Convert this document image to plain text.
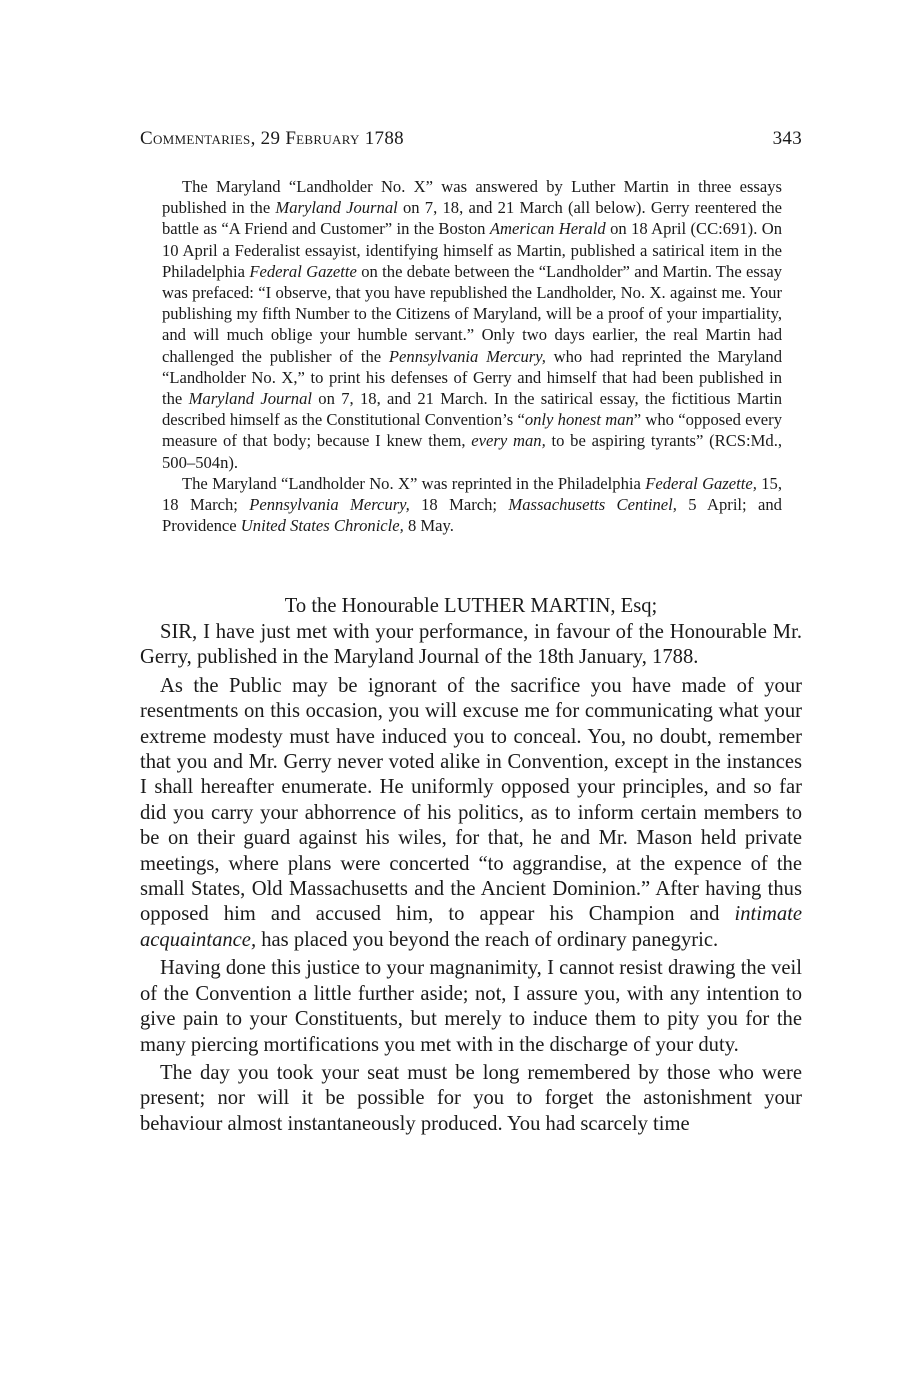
Commentaries, 29 February 1788	343

The Maryland “Landholder No. X” was answered by Luther Martin in three essays published in the Maryland Journal on 7, 18, and 21 March (all below). Gerry reentered the battle as “A Friend and Customer” in the Boston American Herald on 18 April (CC:691). On 10 April a Federalist essayist, identifying himself as Martin, published a satirical item in the Philadelphia Federal Gazette on the debate between the “Landholder” and Martin. The essay was prefaced: “I observe, that you have republished the Landholder, No. X. against me. Your publishing my fifth Number to the Citizens of Maryland, will be a proof of your impartiality, and will much oblige your humble servant.” Only two days earlier, the real Martin had challenged the publisher of the Pennsylvania Mercury, who had reprinted the Maryland “Landholder No. X,” to print his defenses of Gerry and himself that had been published in the Maryland Journal on 7, 18, and 21 March. In the satirical essay, the fictitious Martin described himself as the Constitutional Convention’s “only honest man” who “opposed every measure of that body; because I knew them, every man, to be aspiring tyrants” (RCS:Md., 500–504n).

The Maryland “Landholder No. X” was reprinted in the Philadelphia Federal Gazette, 15, 18 March; Pennsylvania Mercury, 18 March; Massachusetts Centinel, 5 April; and Providence United States Chronicle, 8 May.

To the Honourable LUTHER MARTIN, Esq;

SIR, I have just met with your performance, in favour of the Honourable Mr. Gerry, published in the Maryland Journal of the 18th January, 1788.

As the Public may be ignorant of the sacrifice you have made of your resentments on this occasion, you will excuse me for communicating what your extreme modesty must have induced you to conceal. You, no doubt, remember that you and Mr. Gerry never voted alike in Convention, except in the instances I shall hereafter enumerate. He uniformly opposed your principles, and so far did you carry your abhorrence of his politics, as to inform certain members to be on their guard against his wiles, for that, he and Mr. Mason held private meetings, where plans were concerted “to aggrandise, at the expence of the small States, Old Massachusetts and the Ancient Dominion.” After having thus opposed him and accused him, to appear his Champion and intimate acquaintance, has placed you beyond the reach of ordinary panegyric.

Having done this justice to your magnanimity, I cannot resist drawing the veil of the Convention a little further aside; not, I assure you, with any intention to give pain to your Constituents, but merely to induce them to pity you for the many piercing mortifications you met with in the discharge of your duty.

The day you took your seat must be long remembered by those who were present; nor will it be possible for you to forget the astonishment your behaviour almost instantaneously produced. You had scarcely time
